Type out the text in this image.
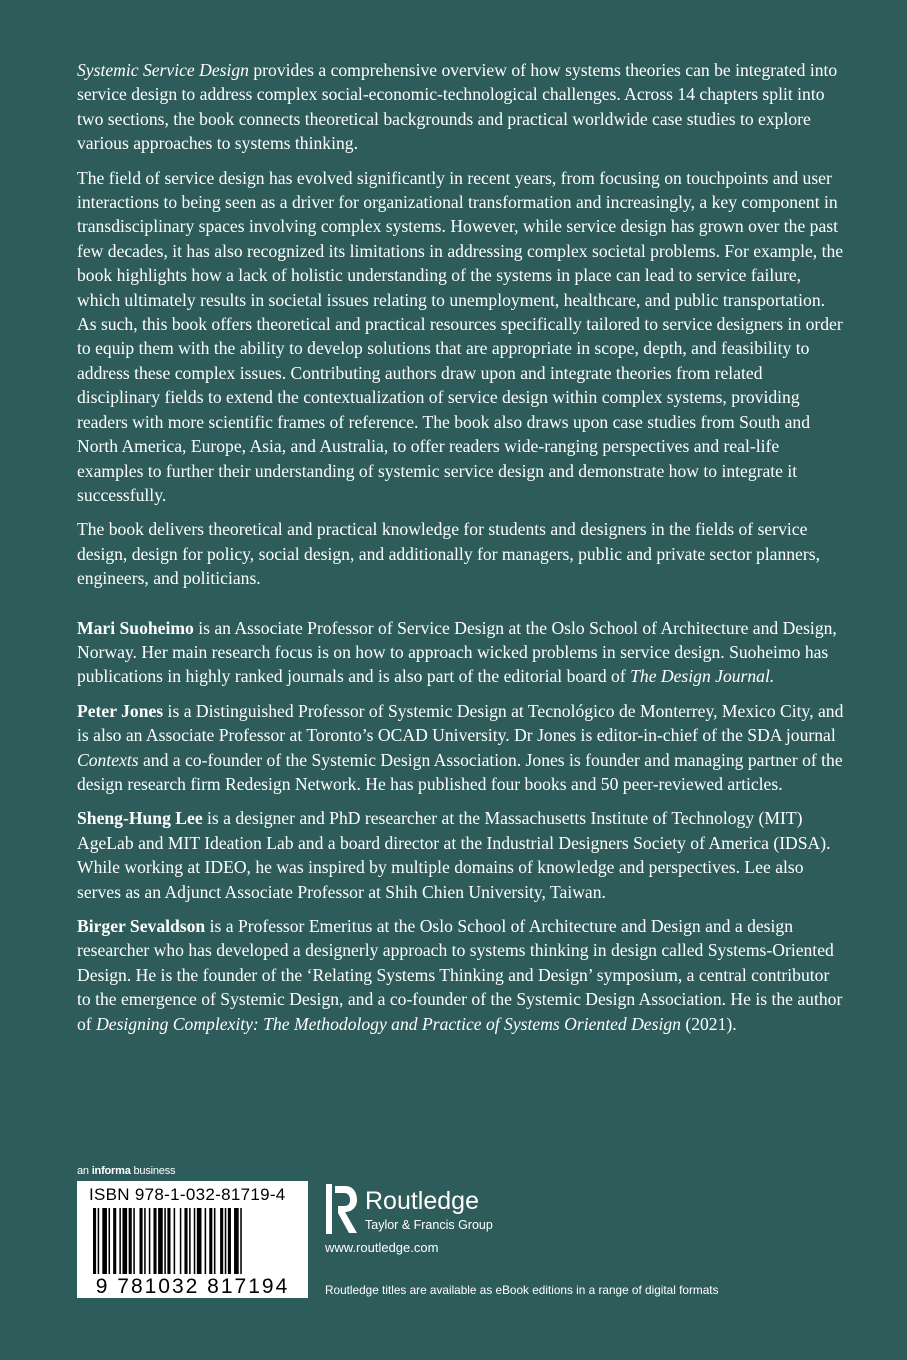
Systemic Service Design provides a comprehensive overview of how systems theories can be integrated into service design to address complex social-economic-technological challenges. Across 14 chapters split into two sections, the book connects theoretical backgrounds and practical worldwide case studies to explore various approaches to systems thinking.

The field of service design has evolved significantly in recent years, from focusing on touchpoints and user interactions to being seen as a driver for organizational transformation and increasingly, a key component in transdisciplinary spaces involving complex systems. However, while service design has grown over the past few decades, it has also recognized its limitations in addressing complex societal problems. For example, the book highlights how a lack of holistic understanding of the systems in place can lead to service failure, which ultimately results in societal issues relating to unemployment, healthcare, and public transportation. As such, this book offers theoretical and practical resources specifically tailored to service designers in order to equip them with the ability to develop solutions that are appropriate in scope, depth, and feasibility to address these complex issues. Contributing authors draw upon and integrate theories from related disciplinary fields to extend the contextualization of service design within complex systems, providing readers with more scientific frames of reference. The book also draws upon case studies from South and North America, Europe, Asia, and Australia, to offer readers wide-ranging perspectives and real-life examples to further their understanding of systemic service design and demonstrate how to integrate it successfully.

The book delivers theoretical and practical knowledge for students and designers in the fields of service design, design for policy, social design, and additionally for managers, public and private sector planners, engineers, and politicians.

Mari Suoheimo is an Associate Professor of Service Design at the Oslo School of Architecture and Design, Norway. Her main research focus is on how to approach wicked problems in service design. Suoheimo has publications in highly ranked journals and is also part of the editorial board of The Design Journal.

Peter Jones is a Distinguished Professor of Systemic Design at Tecnológico de Monterrey, Mexico City, and is also an Associate Professor at Toronto’s OCAD University. Dr Jones is editor-in-chief of the SDA journal Contexts and a co-founder of the Systemic Design Association. Jones is founder and managing partner of the design research firm Redesign Network. He has published four books and 50 peer-reviewed articles.

Sheng-Hung Lee is a designer and PhD researcher at the Massachusetts Institute of Technology (MIT) AgeLab and MIT Ideation Lab and a board director at the Industrial Designers Society of America (IDSA). While working at IDEO, he was inspired by multiple domains of knowledge and perspectives. Lee also serves as an Adjunct Associate Professor at Shih Chien University, Taiwan.

Birger Sevaldson is a Professor Emeritus at the Oslo School of Architecture and Design and a design researcher who has developed a designerly approach to systems thinking in design called Systems-Oriented Design. He is the founder of the ‘Relating Systems Thinking and Design’ symposium, a central contributor to the emergence of Systemic Design, and a co-founder of the Systemic Design Association. He is the author of Designing Complexity: The Methodology and Practice of Systems Oriented Design (2021).

an informa business
ISBN 978-1-032-81719-4
9 781032 817194
Routledge
Taylor & Francis Group
www.routledge.com
Routledge titles are available as eBook editions in a range of digital formats
